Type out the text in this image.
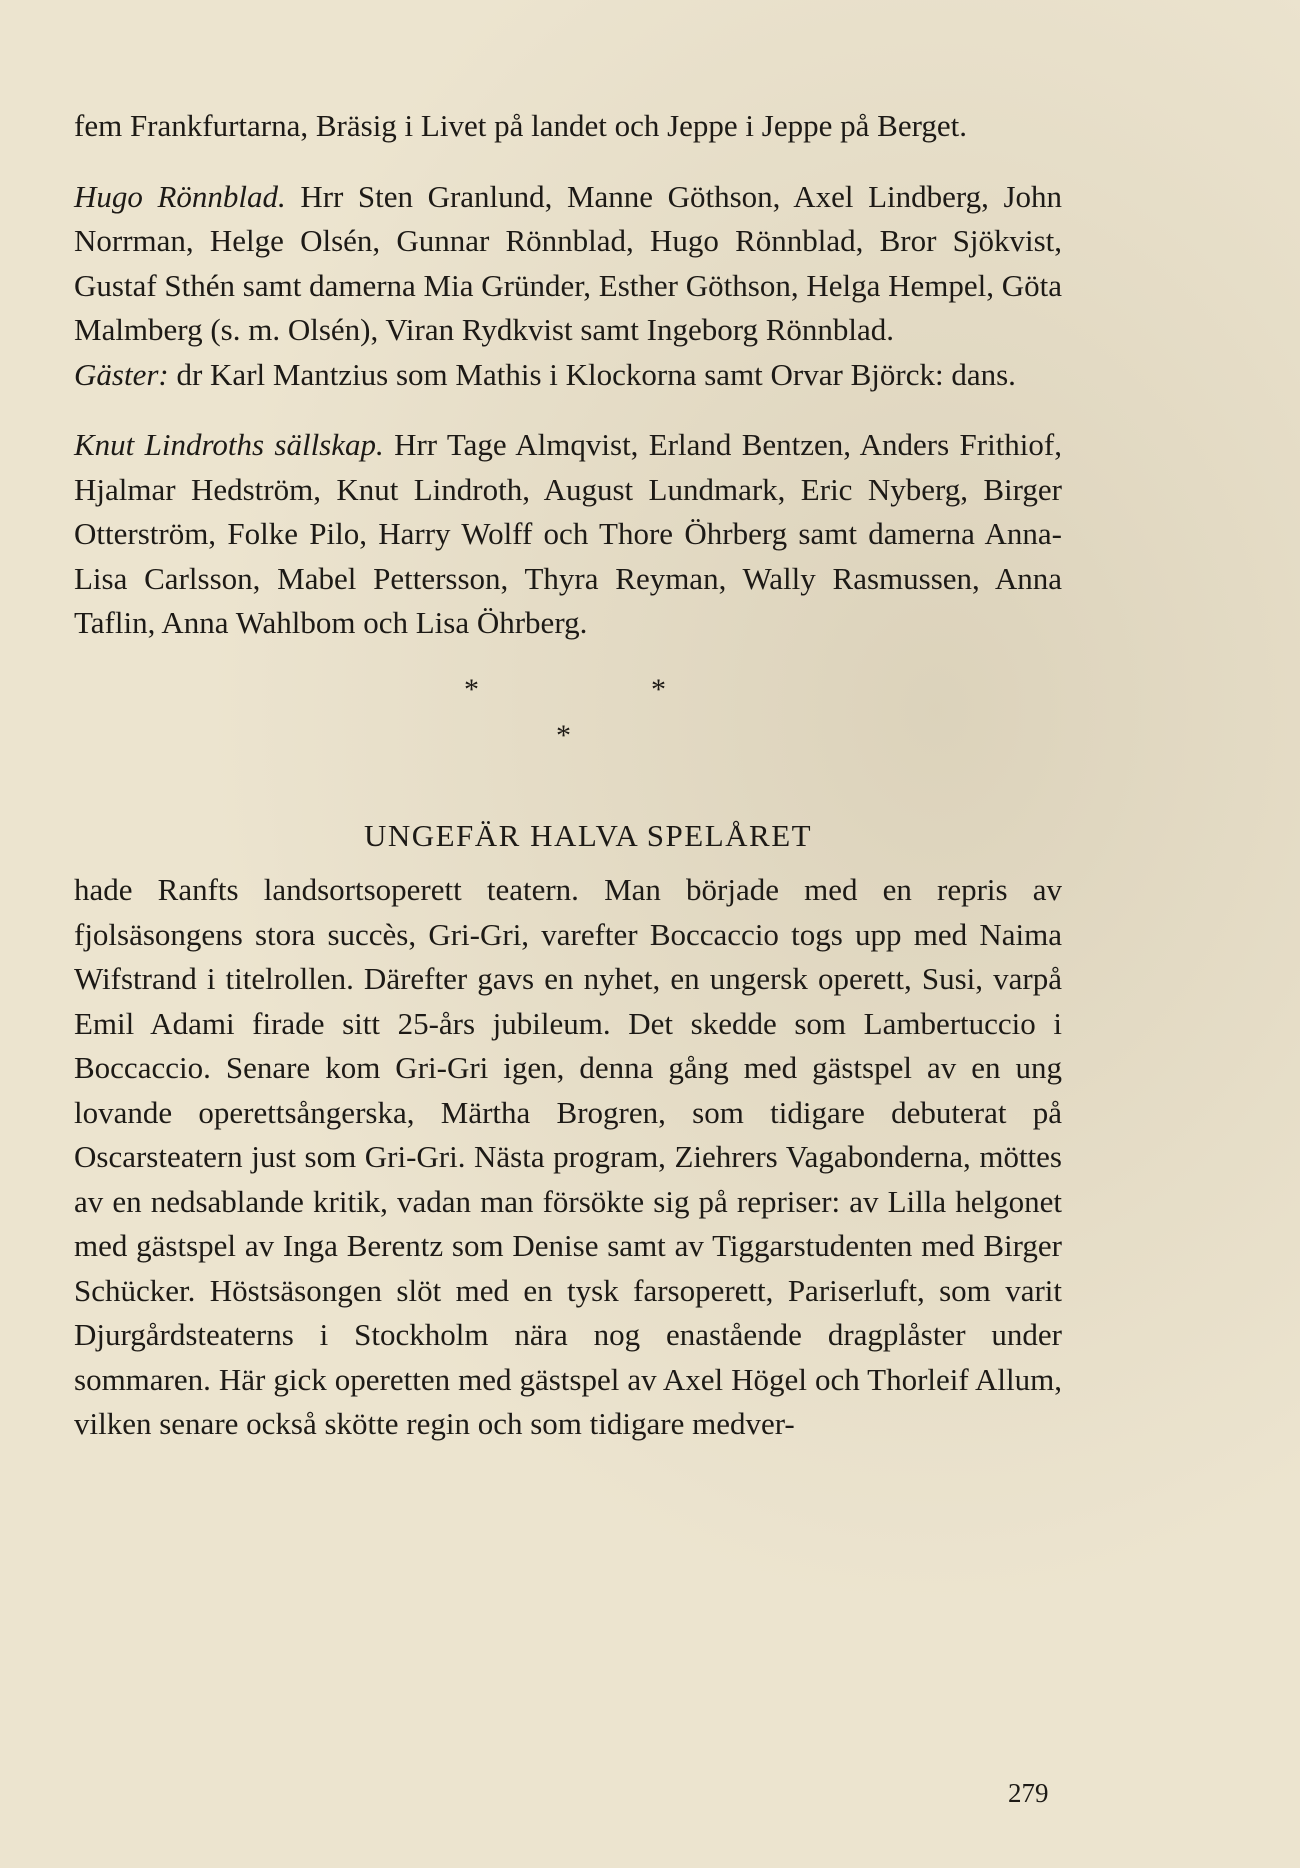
fem Frankfurtarna, Bräsig i Livet på landet och Jeppe i Jeppe på Berget.

Hugo Rönnblad. Hrr Sten Granlund, Manne Göthson, Axel Lindberg, John Norrman, Helge Olsén, Gunnar Rönnblad, Hugo Rönnblad, Bror Sjökvist, Gustaf Sthén samt damerna Mia Gründer, Esther Göthson, Helga Hempel, Göta Malmberg (s. m. Olsén), Viran Rydkvist samt Ingeborg Rönnblad.

Gäster: dr Karl Mantzius som Mathis i Klockorna samt Orvar Björck: dans.

Knut Lindroths sällskap. Hrr Tage Almqvist, Erland Bentzen, Anders Frithiof, Hjalmar Hedström, Knut Lindroth, August Lundmark, Eric Nyberg, Birger Otterström, Folke Pilo, Harry Wolff och Thore Öhrberg samt damerna Anna-Lisa Carlsson, Mabel Pettersson, Thyra Reyman, Wally Rasmussen, Anna Taflin, Anna Wahlbom och Lisa Öhrberg.

*	*
*
UNGEFÄR HALVA SPELÅRET

hade Ranfts landsortsoperett teatern. Man började med en repris av fjolsäsongens stora succès, Gri-Gri, varefter Boccaccio togs upp med Naima Wifstrand i titelrollen. Därefter gavs en nyhet, en ungersk operett, Susi, varpå Emil Adami firade sitt 25-års jubileum. Det skedde som Lambertuccio i Boccaccio. Senare kom Gri-Gri igen, denna gång med gästspel av en ung lovande operettsångerska, Märtha Brogren, som tidigare debuterat på Oscarsteatern just som Gri-Gri. Nästa program, Ziehrers Vagabonderna, möttes av en nedsablande kritik, vadan man försökte sig på repriser: av Lilla helgonet med gästspel av Inga Berentz som Denise samt av Tiggarstudenten med Birger Schücker. Höstsäsongen slöt med en tysk farsoperett, Pariserluft, som varit Djurgårdsteaterns i Stockholm nära nog enastående dragplåster under sommaren. Här gick operetten med gästspel av Axel Högel och Thorleif Allum, vilken senare också skötte regin och som tidigare medver-

279
